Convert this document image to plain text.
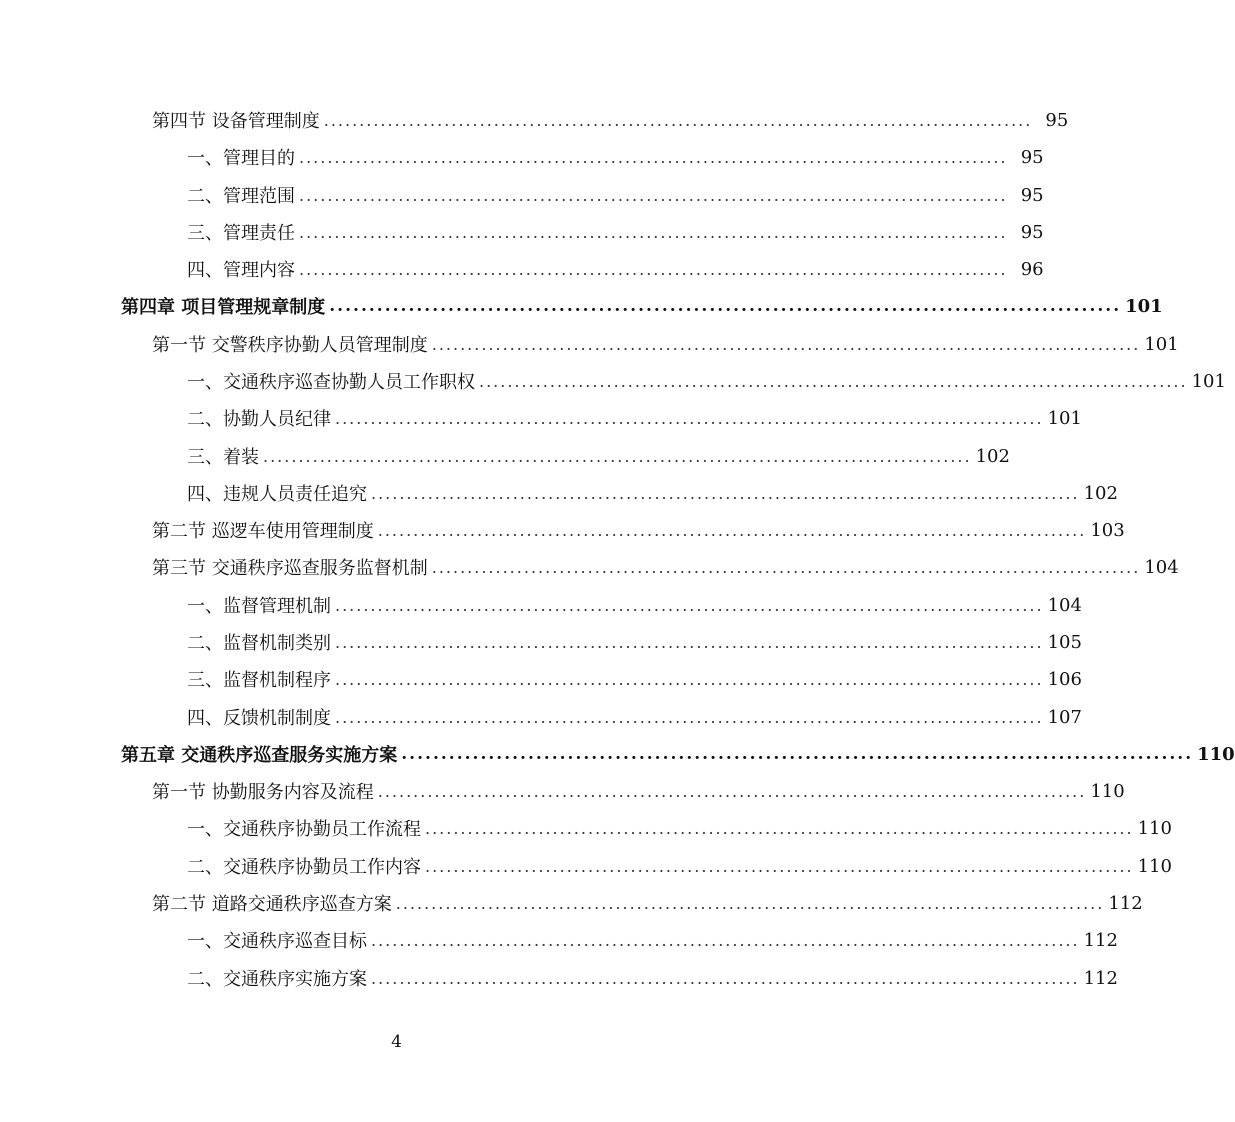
第四节 设备管理制度 .................................................................................................... 95
一、管理目的 .................................................................................................... 95
二、管理范围 .................................................................................................... 95
三、管理责任 .................................................................................................... 95
四、管理内容 .................................................................................................... 96
第四章 项目管理规章制度 .................................................................................................... 101
第一节 交警秩序协勤人员管理制度 .................................................................................................... 101
一、交通秩序巡查协勤人员工作职权 .................................................................................................... 101
二、协勤人员纪律 .................................................................................................... 101
三、着装 .................................................................................................... 102
四、违规人员责任追究 .................................................................................................... 102
第二节 巡逻车使用管理制度 .................................................................................................... 103
第三节 交通秩序巡查服务监督机制 .................................................................................................... 104
一、监督管理机制 .................................................................................................... 104
二、监督机制类别 .................................................................................................... 105
三、监督机制程序 .................................................................................................... 106
四、反馈机制制度 .................................................................................................... 107
第五章 交通秩序巡查服务实施方案 .................................................................................................... 110
第一节 协勤服务内容及流程 .................................................................................................... 110
一、交通秩序协勤员工作流程 .................................................................................................... 110
二、交通秩序协勤员工作内容 .................................................................................................... 110
第二节 道路交通秩序巡查方案 .................................................................................................... 112
一、交通秩序巡查目标 .................................................................................................... 112
二、交通秩序实施方案 .................................................................................................... 112
4
